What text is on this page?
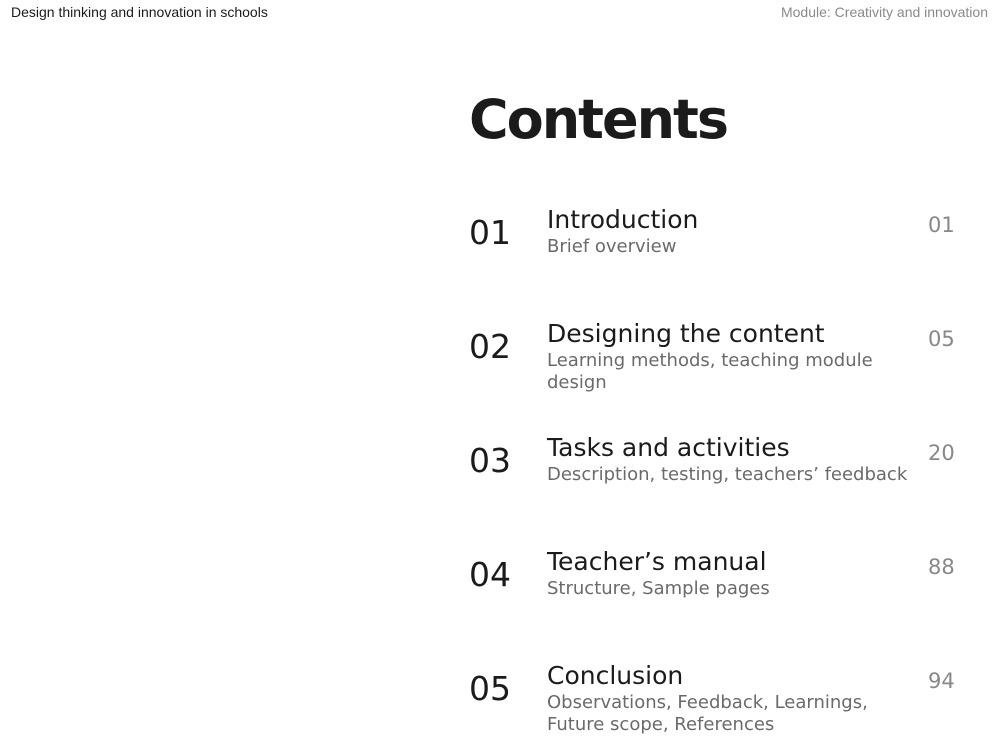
Design thinking and innovation in schools	Module: Creativity and innovation
Contents
01 Introduction
Brief overview
01
02 Designing the content
Learning methods, teaching module design
05
03 Tasks and activities
Description, testing, teachers’ feedback
20
04 Teacher’s manual
Structure, Sample pages
88
05 Conclusion
Observations, Feedback, Learnings, Future scope, References
94
